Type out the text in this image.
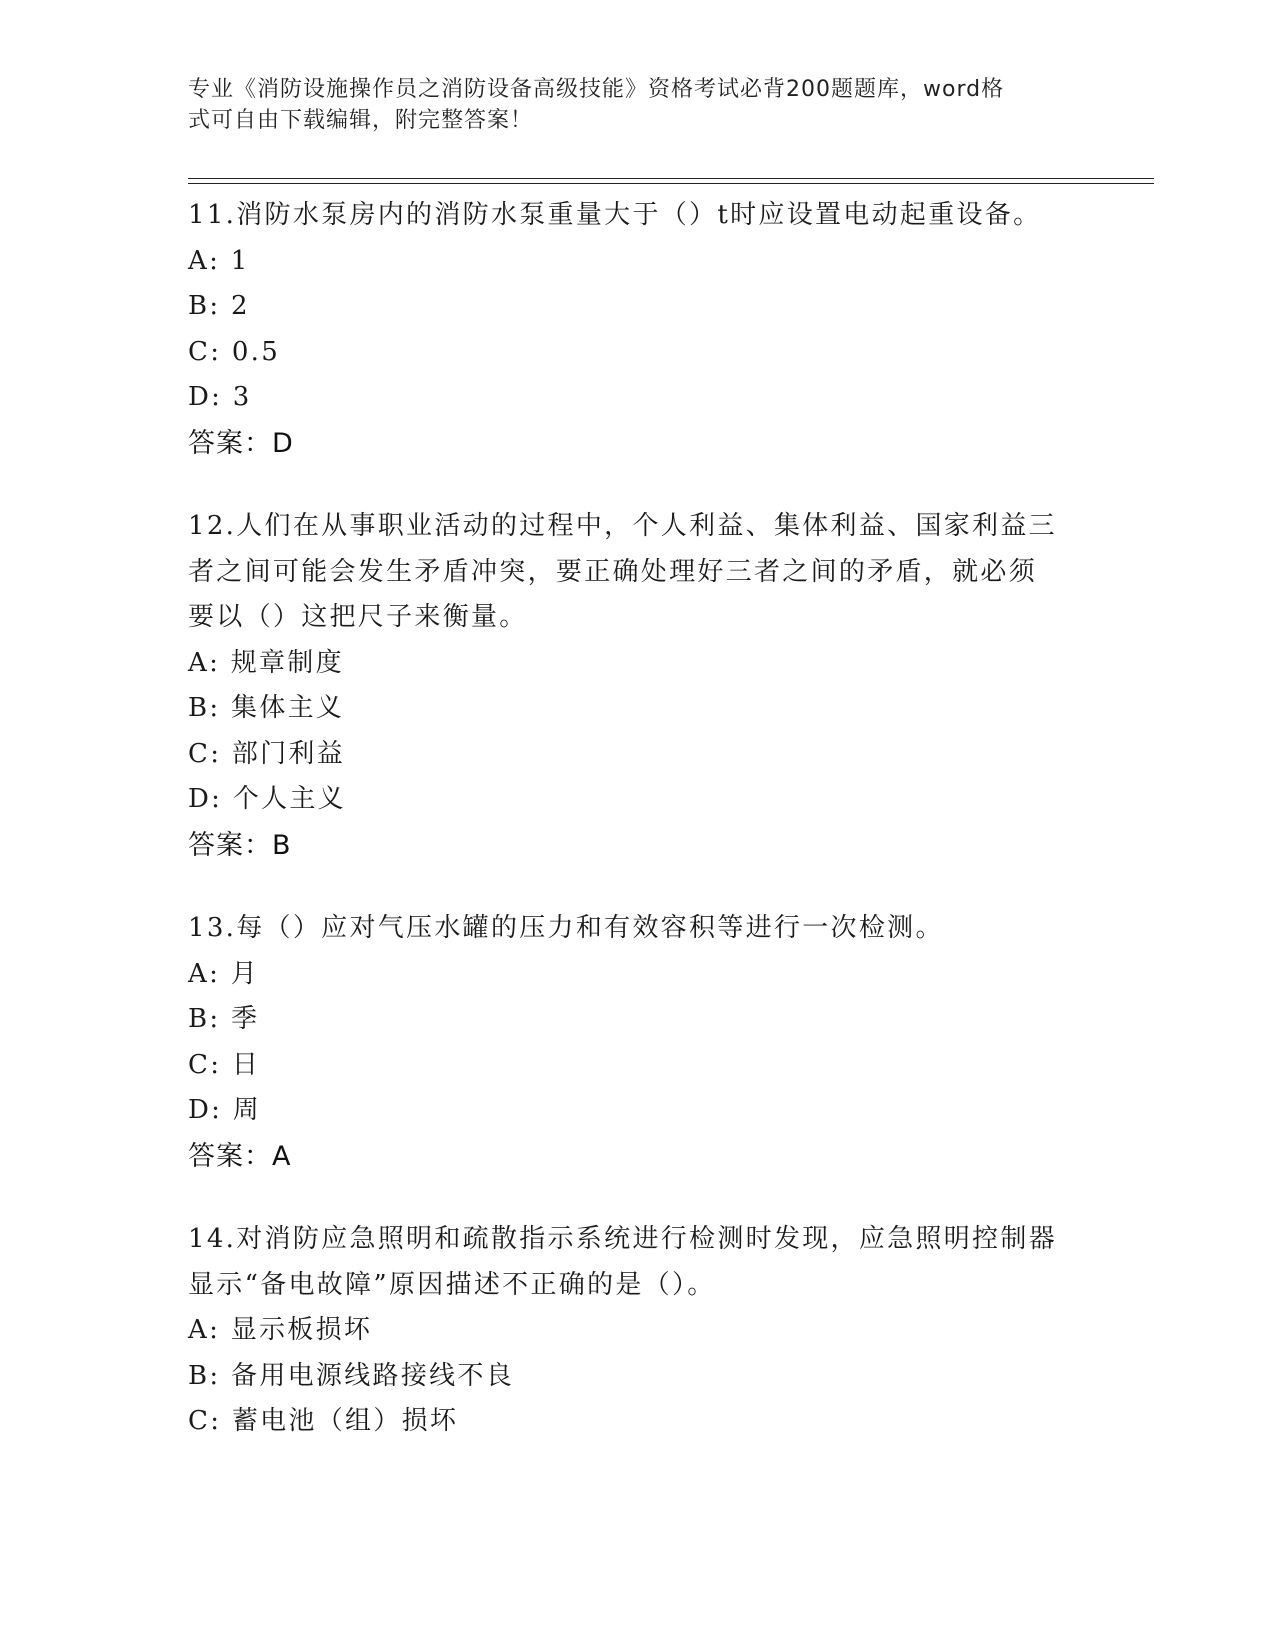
专业《消防设施操作员之消防设备高级技能》资格考试必背200题题库，word格
式可自由下载编辑，附完整答案！
11.消防水泵房内的消防水泵重量大于（）t时应设置电动起重设备。
A: 1
B: 2
C: 0.5
D: 3
答案：D
12.人们在从事职业活动的过程中，个人利益、集体利益、国家利益三
者之间可能会发生矛盾冲突，要正确处理好三者之间的矛盾，就必须
要以（）这把尺子来衡量。
A: 规章制度
B: 集体主义
C: 部门利益
D: 个人主义
答案：B
13.每（）应对气压水罐的压力和有效容积等进行一次检测。
A: 月
B: 季
C: 日
D: 周
答案：A
14.对消防应急照明和疏散指示系统进行检测时发现，应急照明控制器
显示“备电故障”原因描述不正确的是（）。
A: 显示板损坏
B: 备用电源线路接线不良
C: 蓄电池（组）损坏
